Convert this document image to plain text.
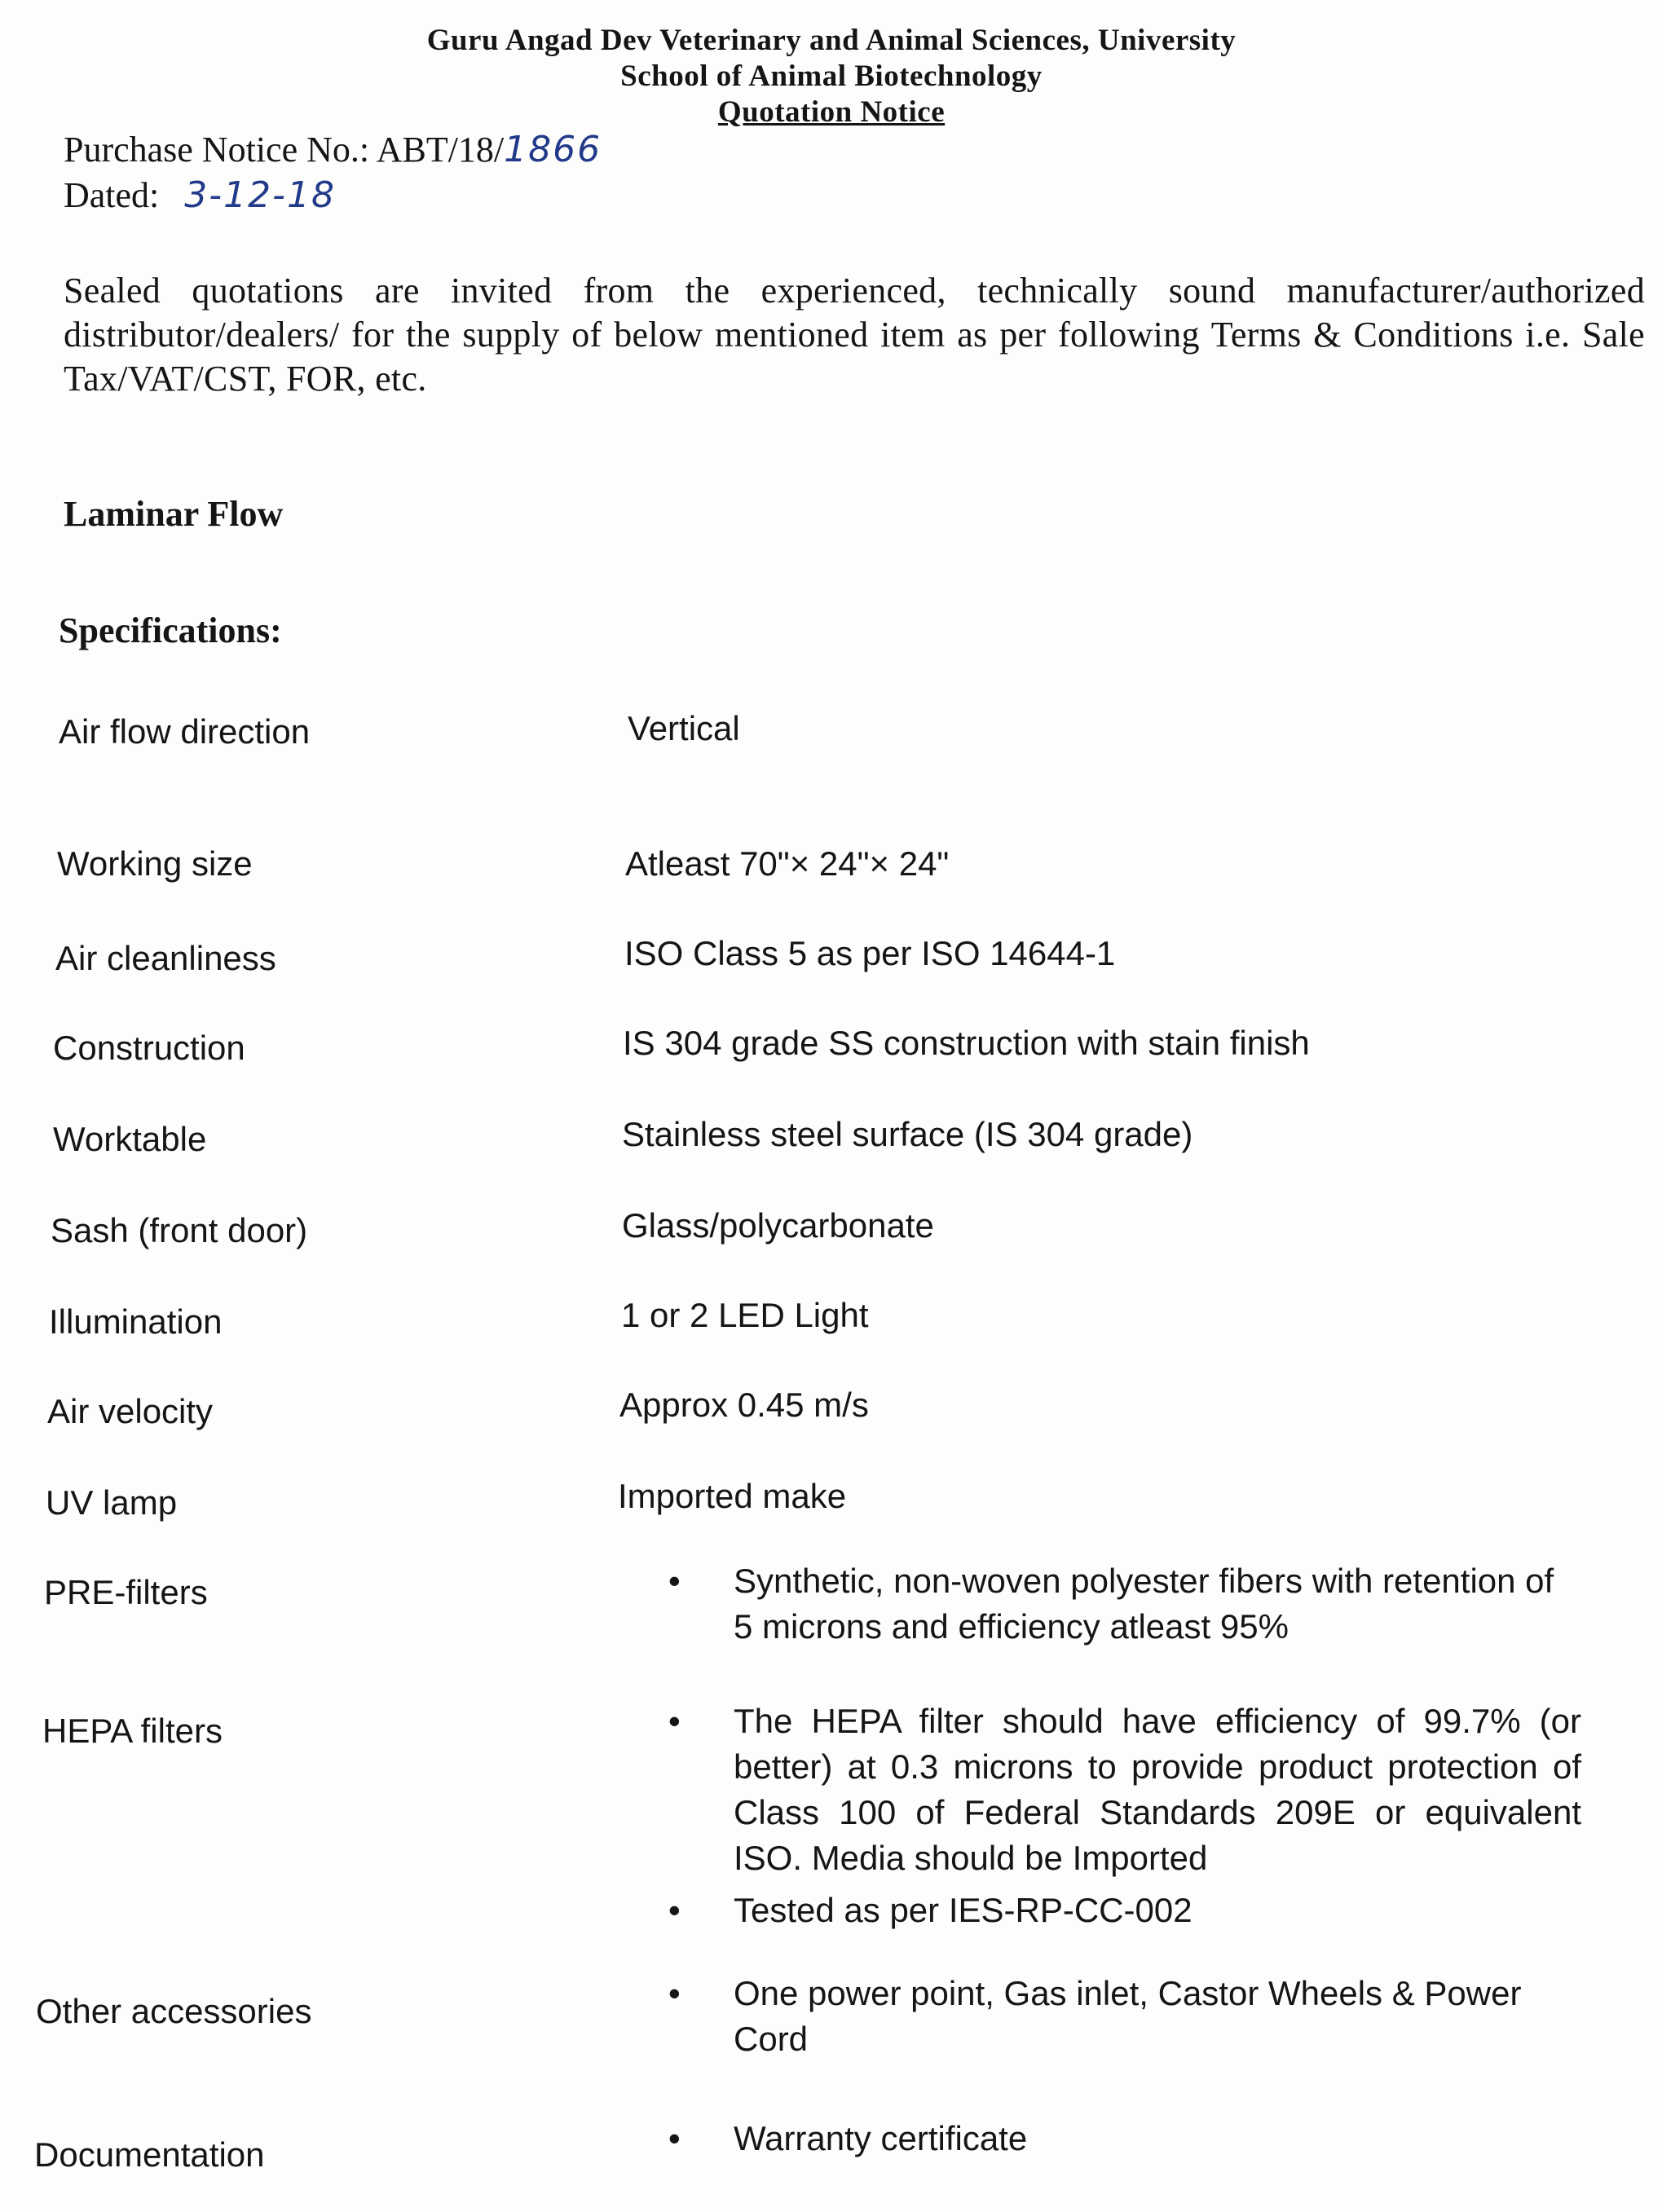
Guru Angad Dev Veterinary and Animal Sciences, University
School of Animal Biotechnology
Quotation Notice
Purchase Notice No.: ABT/18/1866
Dated: 3-12-18
Sealed quotations are invited from the experienced, technically sound manufacturer/authorized distributor/dealers/ for the supply of below mentioned item as per following Terms & Conditions i.e. Sale Tax/VAT/CST, FOR, etc.
Laminar Flow
Specifications:
Air flow direction	Vertical
Working size	Atleast 70"× 24"× 24"
Air cleanliness	ISO Class 5 as per ISO 14644-1
Construction	IS 304 grade SS construction with stain finish
Worktable	Stainless steel surface (IS 304 grade)
Sash (front door)	Glass/polycarbonate
Illumination	1 or 2 LED Light
Air velocity	Approx 0.45 m/s
UV lamp	Imported make
PRE-filters	• Synthetic, non-woven polyester fibers with retention of 5 microns and efficiency atleast 95%
HEPA filters	• The HEPA filter should have efficiency of 99.7% (or better) at 0.3 microns to provide product protection of Class 100 of Federal Standards 209E or equivalent ISO. Media should be Imported
• Tested as per IES-RP-CC-002
Other accessories	• One power point, Gas inlet, Castor Wheels & Power Cord
Documentation	• Warranty certificate
